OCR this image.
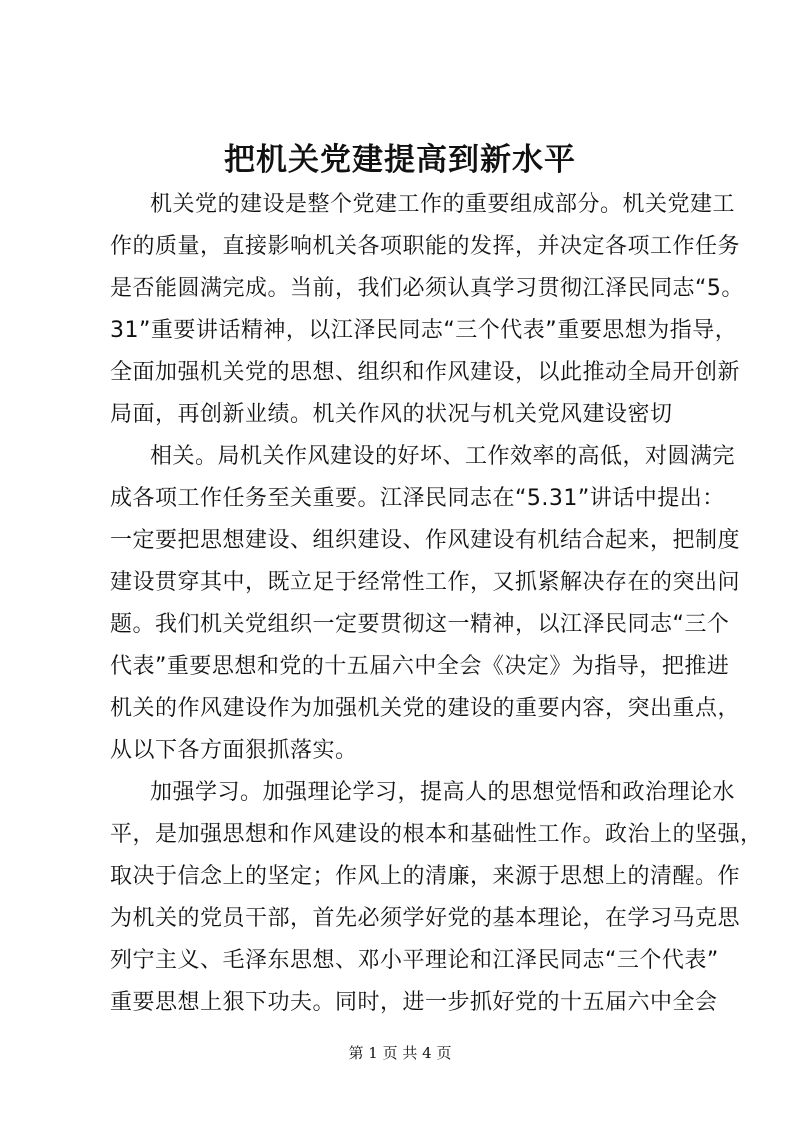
把机关党建提高到新水平
机关党的建设是整个党建工作的重要组成部分。机关党建工
作的质量，直接影响机关各项职能的发挥，并决定各项工作任务
是否能圆满完成。当前，我们必须认真学习贯彻江泽民同志“5。
31”重要讲话精神，以江泽民同志“三个代表”重要思想为指导，
全面加强机关党的思想、组织和作风建设，以此推动全局开创新
局面，再创新业绩。机关作风的状况与机关党风建设密切
相关。局机关作风建设的好坏、工作效率的高低，对圆满完
成各项工作任务至关重要。江泽民同志在“5.31”讲话中提出：
一定要把思想建设、组织建设、作风建设有机结合起来，把制度
建设贯穿其中，既立足于经常性工作，又抓紧解决存在的突出问
题。我们机关党组织一定要贯彻这一精神，以江泽民同志“三个
代表”重要思想和党的十五届六中全会《决定》为指导，把推进
机关的作风建设作为加强机关党的建设的重要内容，突出重点，
从以下各方面狠抓落实。
加强学习。加强理论学习，提高人的思想觉悟和政治理论水
平，是加强思想和作风建设的根本和基础性工作。政治上的坚强，
取决于信念上的坚定；作风上的清廉，来源于思想上的清醒。作
为机关的党员干部，首先必须学好党的基本理论，在学习马克思
列宁主义、毛泽东思想、邓小平理论和江泽民同志“三个代表”
重要思想上狠下功夫。同时，进一步抓好党的十五届六中全会
第 1 页 共 4 页
